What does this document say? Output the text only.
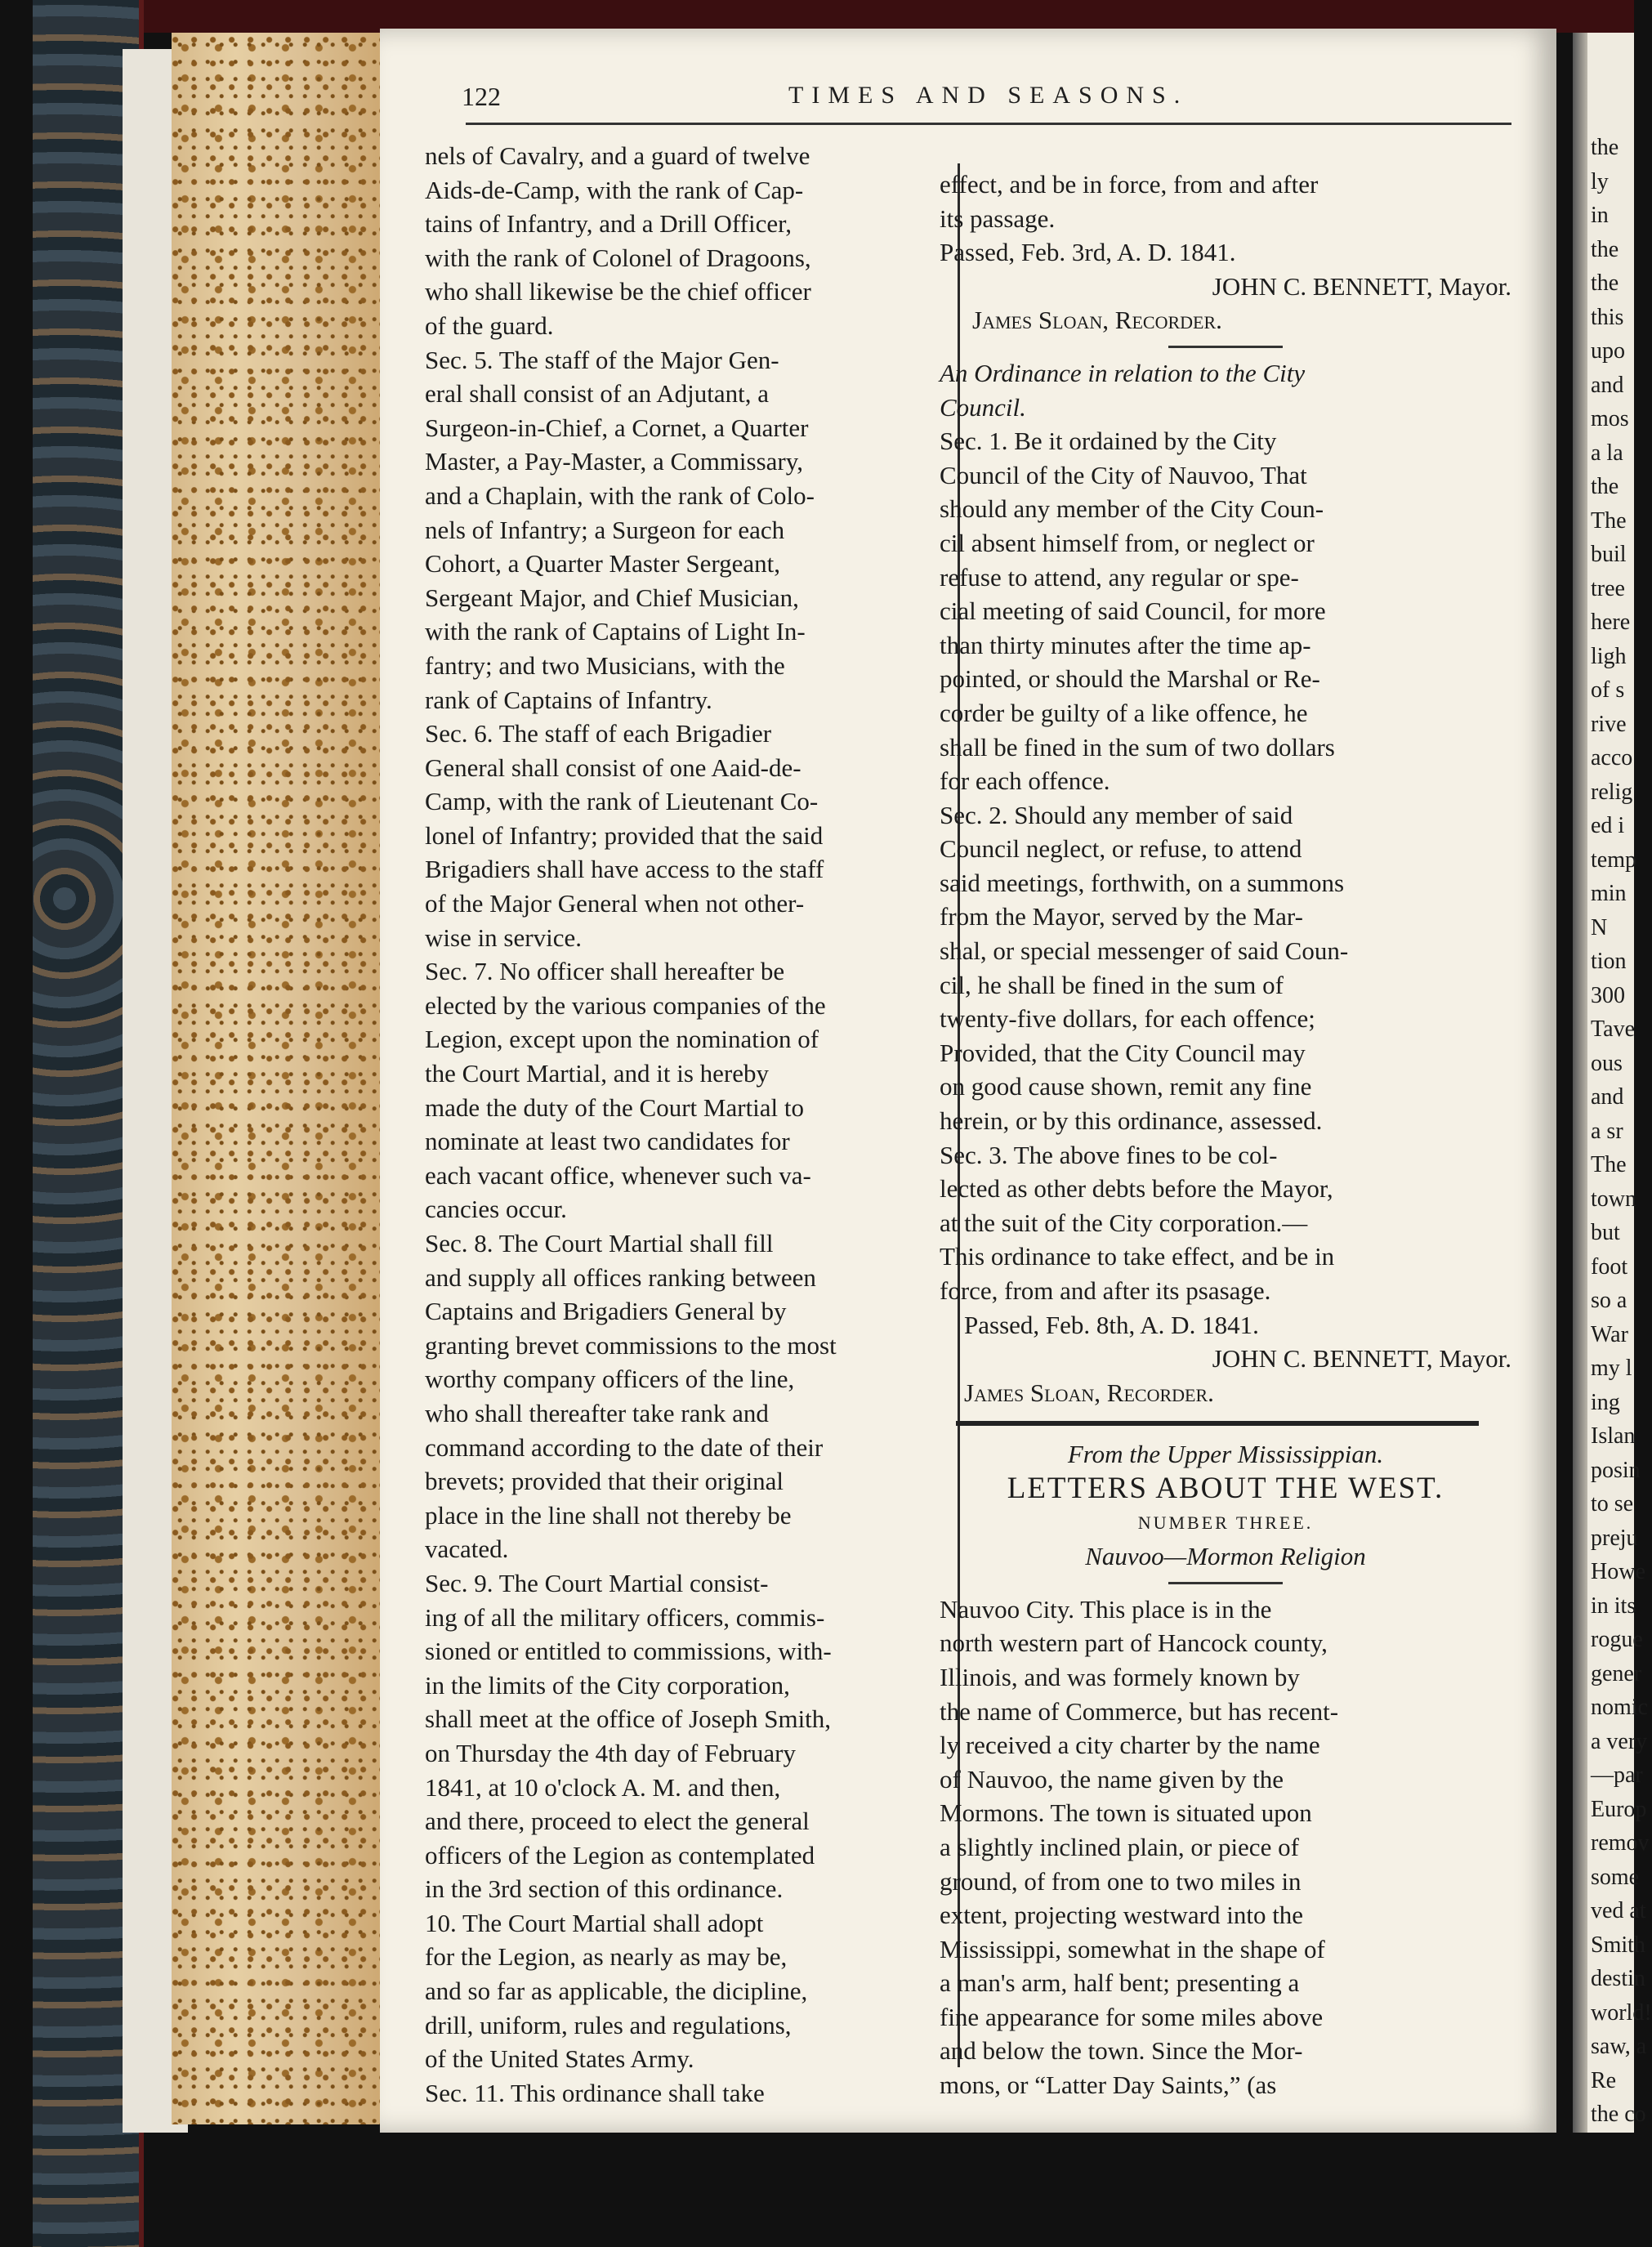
122	TIMES AND SEASONS.
nels of Cavalry, and a guard of twelve
Aids-de-Camp, with the rank of Cap-
tains of Infantry, and a Drill Officer,
with the rank of Colonel of Dragoons,
who shall likewise be the chief officer
of the guard.
Sec. 5. The staff of the Major Gen-
eral shall consist of an Adjutant, a
Surgeon-in-Chief, a Cornet, a Quarter
Master, a Pay-Master, a Commissary,
and a Chaplain, with the rank of Colo-
nels of Infantry; a Surgeon for each
Cohort, a Quarter Master Sergeant,
Sergeant Major, and Chief Musician,
with the rank of Captains of Light In-
fantry; and two Musicians, with the
rank of Captains of Infantry.
Sec. 6. The staff of each Brigadier
General shall consist of one Aaid-de-
Camp, with the rank of Lieutenant Co-
lonel of Infantry; provided that the said
Brigadiers shall have access to the staff
of the Major General when not other-
wise in service.
Sec. 7. No officer shall hereafter be
elected by the various companies of the
Legion, except upon the nomination of
the Court Martial, and it is hereby
made the duty of the Court Martial to
nominate at least two candidates for
each vacant office, whenever such va-
cancies occur.
Sec. 8. The Court Martial shall fill
and supply all offices ranking between
Captains and Brigadiers General by
granting brevet commissions to the most
worthy company officers of the line,
who shall thereafter take rank and
command according to the date of their
brevets; provided that their original
place in the line shall not thereby be
vacated.
Sec. 9. The Court Martial consist-
ing of all the military officers, commis-
sioned or entitled to commissions, with-
in the limits of the City corporation,
shall meet at the office of Joseph Smith,
on Thursday the 4th day of February
1841, at 10 o'clock A. M. and then,
and there, proceed to elect the general
officers of the Legion as contemplated
in the 3rd section of this ordinance.
10. The Court Martial shall adopt
for the Legion, as nearly as may be,
and so far as applicable, the dicipline,
drill, uniform, rules and regulations,
of the United States Army.
Sec. 11. This ordinance shall take
effect, and be in force, from and after
its passage.
Passed, Feb. 3rd, A. D. 1841.
JOHN C. BENNETT, Mayor.
James Sloan, Recorder.
An Ordinance in relation to the City
Council.
Sec. 1. Be it ordained by the City
Council of the City of Nauvoo, That
should any member of the City Coun-
cil absent himself from, or neglect or
refuse to attend, any regular or spe-
cial meeting of said Council, for more
than thirty minutes after the time ap-
pointed, or should the Marshal or Re-
corder be guilty of a like offence, he
shall be fined in the sum of two dollars
for each offence.
Sec. 2. Should any member of said
Council neglect, or refuse, to attend
said meetings, forthwith, on a summons
from the Mayor, served by the Mar-
shal, or special messenger of said Coun-
cil, he shall be fined in the sum of
twenty-five dollars, for each offence;
Provided, that the City Council may
on good cause shown, remit any fine
herein, or by this ordinance, assessed.
Sec. 3. The above fines to be col-
lected as other debts before the Mayor,
at the suit of the City corporation.—
This ordinance to take effect, and be in
force, from and after its psasage.
Passed, Feb. 8th, A. D. 1841.
JOHN C. BENNETT, Mayor.
James Sloan, Recorder.
From the Upper Mississippian.
LETTERS ABOUT THE WEST.
NUMBER THREE.
Nauvoo—Mormon Religion
Nauvoo City. This place is in the
north western part of Hancock county,
Illinois, and was formely known by
the name of Commerce, but has recent-
ly received a city charter by the name
of Nauvoo, the name given by the
Mormons. The town is situated upon
a slightly inclined plain, or piece of
ground, of from one to two miles in
extent, projecting westward into the
Mississippi, somewhat in the shape of
a man's arm, half bent; presenting a
fine appearance for some miles above
and below the town. Since the Mor-
mons, or “Latter Day Saints,” (as
the
ly
in
the
the
this
upo
and
mos
a la
the
The
buil
tree
here
ligh
of s
rive
acco
relig
ed i
temp
min
N
tion
300
Tave
ous
and
a sr
The
town
but
foot
so a
War
my l
ing
Islan
posin
to se
preju
Howe
in its
rogue
gener
nomic
a very
—par
Europ
remov
some
ved at
Smith
destin
world!
saw, a
Re
the co
